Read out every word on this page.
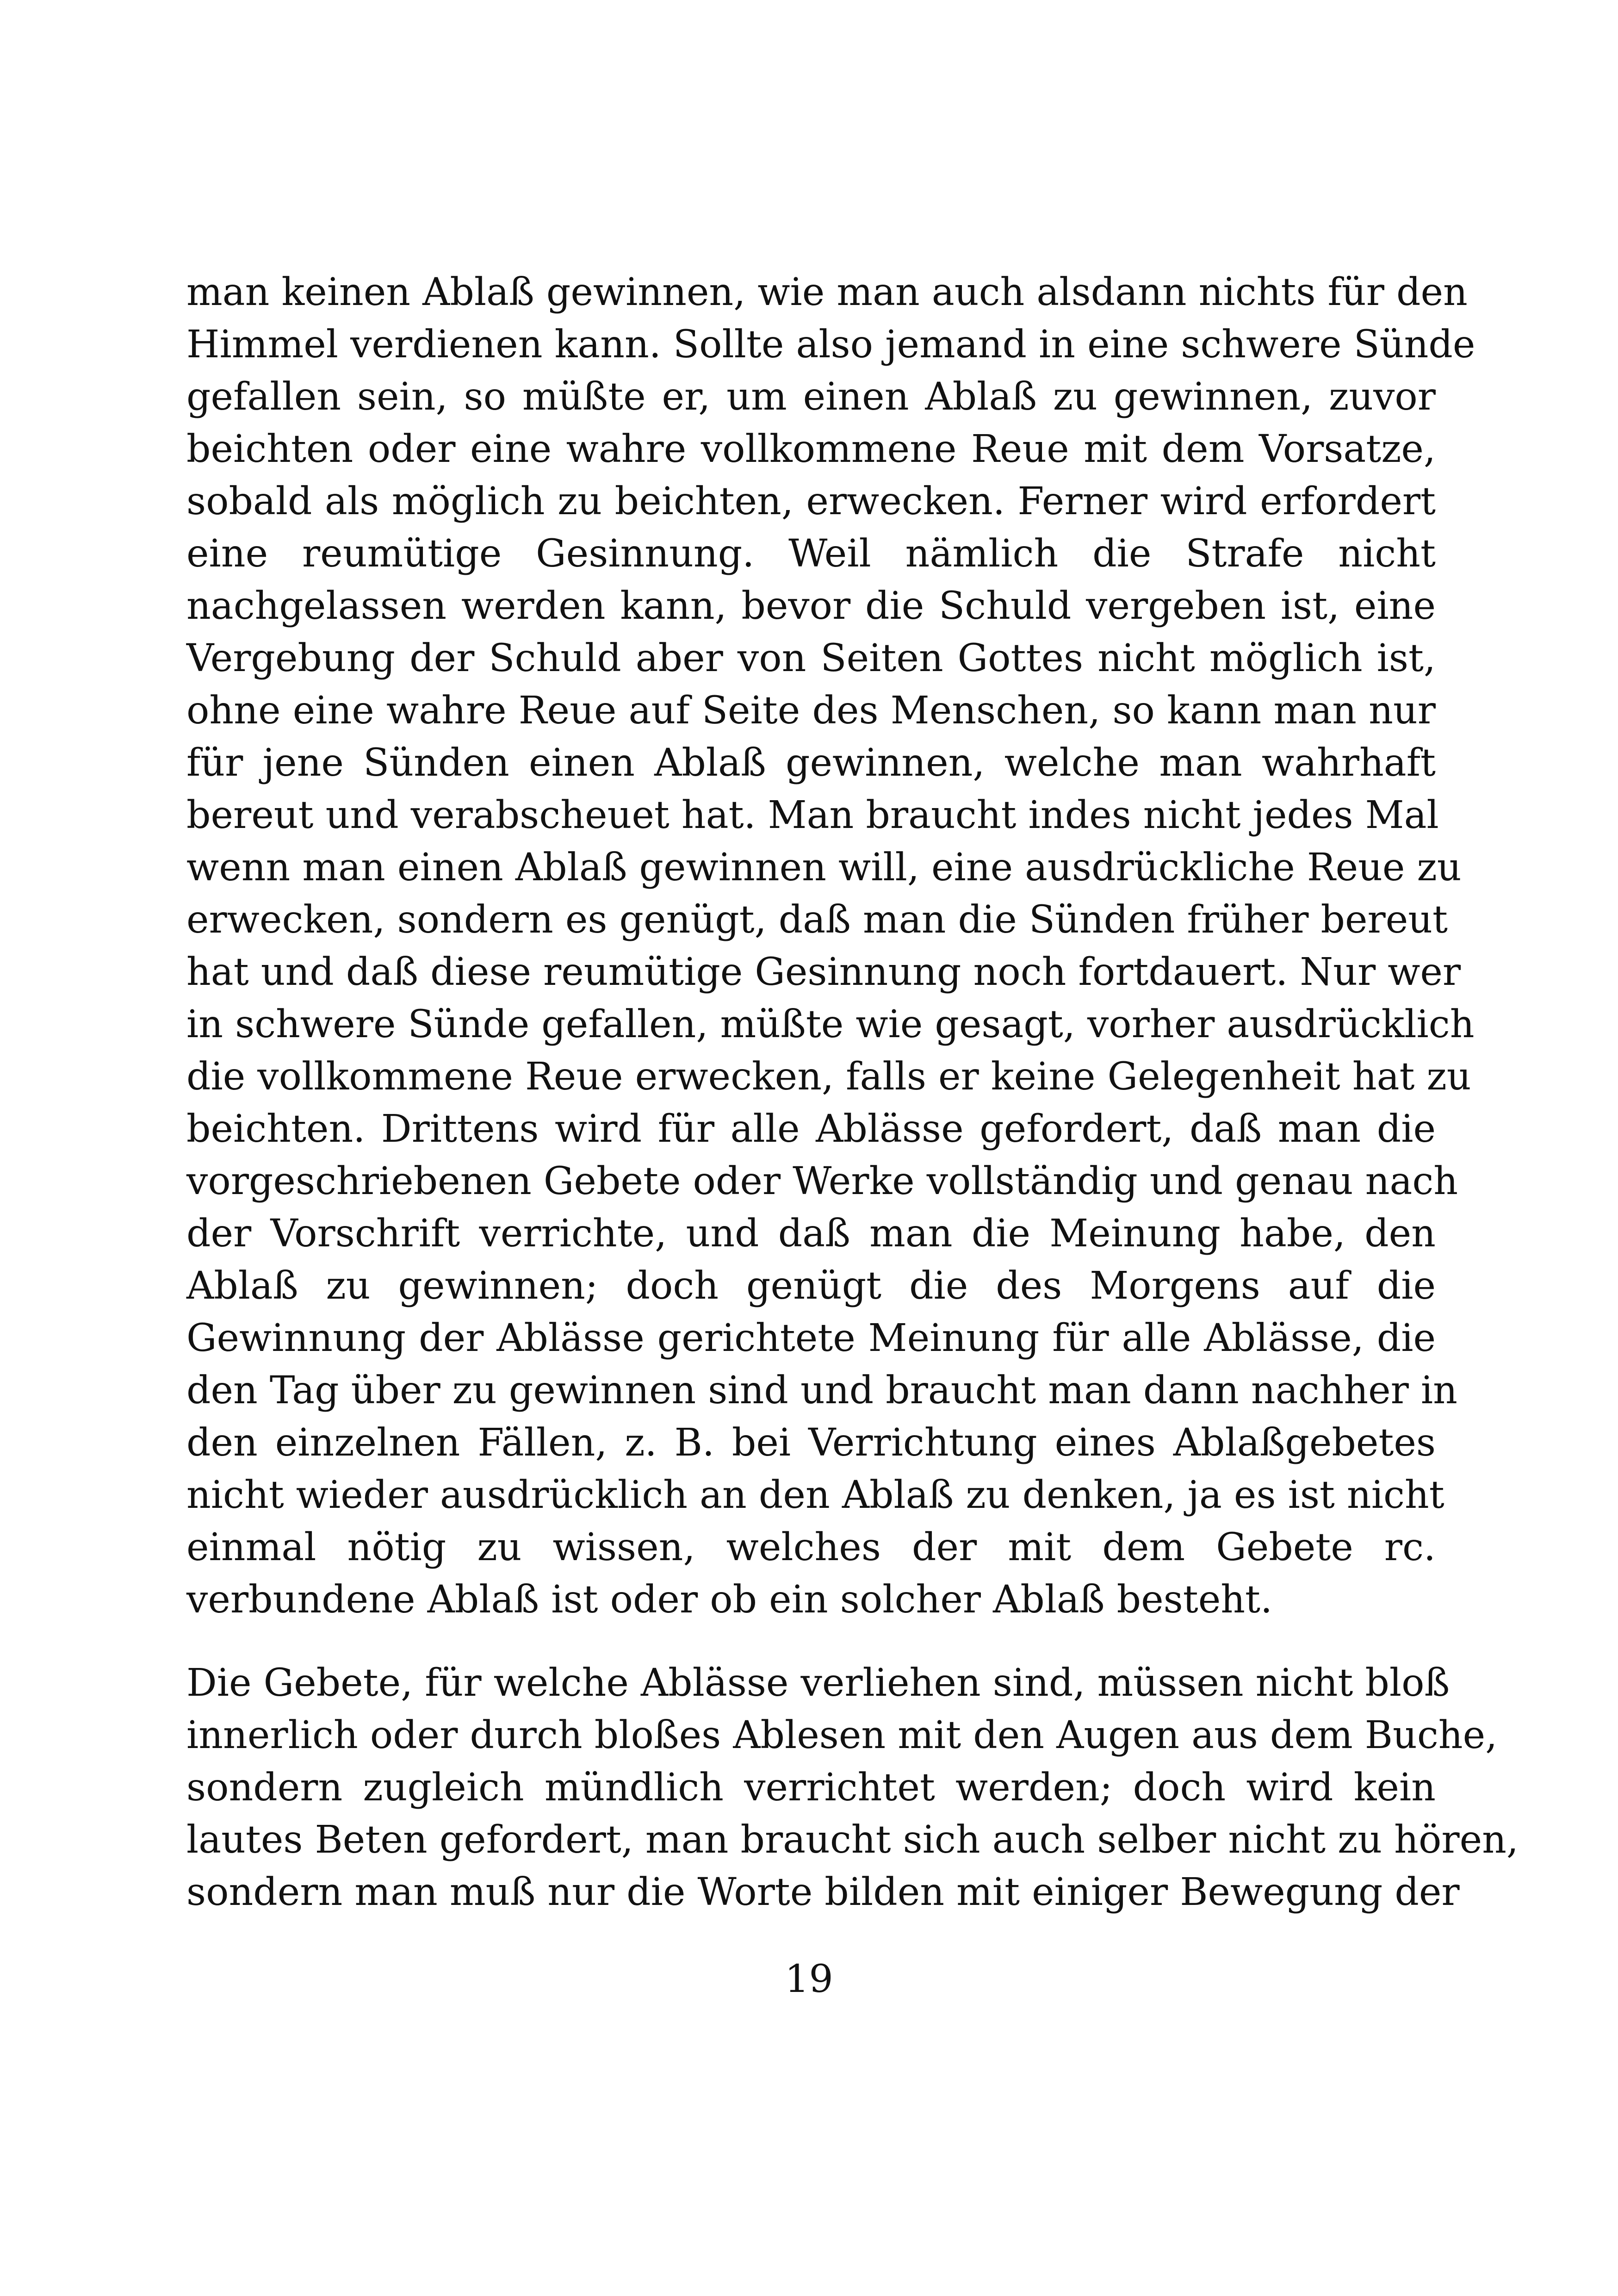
man keinen Ablaß gewinnen, wie man auch alsdann nichts für den
Himmel verdienen kann. Sollte also jemand in eine schwere Sünde
gefallen sein, so müßte er, um einen Ablaß zu gewinnen, zuvor
beichten oder eine wahre vollkommene Reue mit dem Vorsatze,
sobald als möglich zu beichten, erwecken. Ferner wird erfordert
eine reumütige Gesinnung. Weil nämlich die Strafe nicht
nachgelassen werden kann, bevor die Schuld vergeben ist, eine
Vergebung der Schuld aber von Seiten Gottes nicht möglich ist,
ohne eine wahre Reue auf Seite des Menschen, so kann man nur
für jene Sünden einen Ablaß gewinnen, welche man wahrhaft
bereut und verabscheuet hat. Man braucht indes nicht jedes Mal
wenn man einen Ablaß gewinnen will, eine ausdrückliche Reue zu
erwecken, sondern es genügt, daß man die Sünden früher bereut
hat und daß diese reumütige Gesinnung noch fortdauert. Nur wer
in schwere Sünde gefallen, müßte wie gesagt, vorher ausdrücklich
die vollkommene Reue erwecken, falls er keine Gelegenheit hat zu
beichten. Drittens wird für alle Ablässe gefordert, daß man die
vorgeschriebenen Gebete oder Werke vollständig und genau nach
der Vorschrift verrichte, und daß man die Meinung habe, den
Ablaß zu gewinnen; doch genügt die des Morgens auf die
Gewinnung der Ablässe gerichtete Meinung für alle Ablässe, die
den Tag über zu gewinnen sind und braucht man dann nachher in
den einzelnen Fällen, z. B. bei Verrichtung eines Ablaßgebetes
nicht wieder ausdrücklich an den Ablaß zu denken, ja es ist nicht
einmal nötig zu wissen, welches der mit dem Gebete rc.
verbundene Ablaß ist oder ob ein solcher Ablaß besteht.
Die Gebete, für welche Ablässe verliehen sind, müssen nicht bloß
innerlich oder durch bloßes Ablesen mit den Augen aus dem Buche,
sondern zugleich mündlich verrichtet werden; doch wird kein
lautes Beten gefordert, man braucht sich auch selber nicht zu hören,
sondern man muß nur die Worte bilden mit einiger Bewegung der
19
